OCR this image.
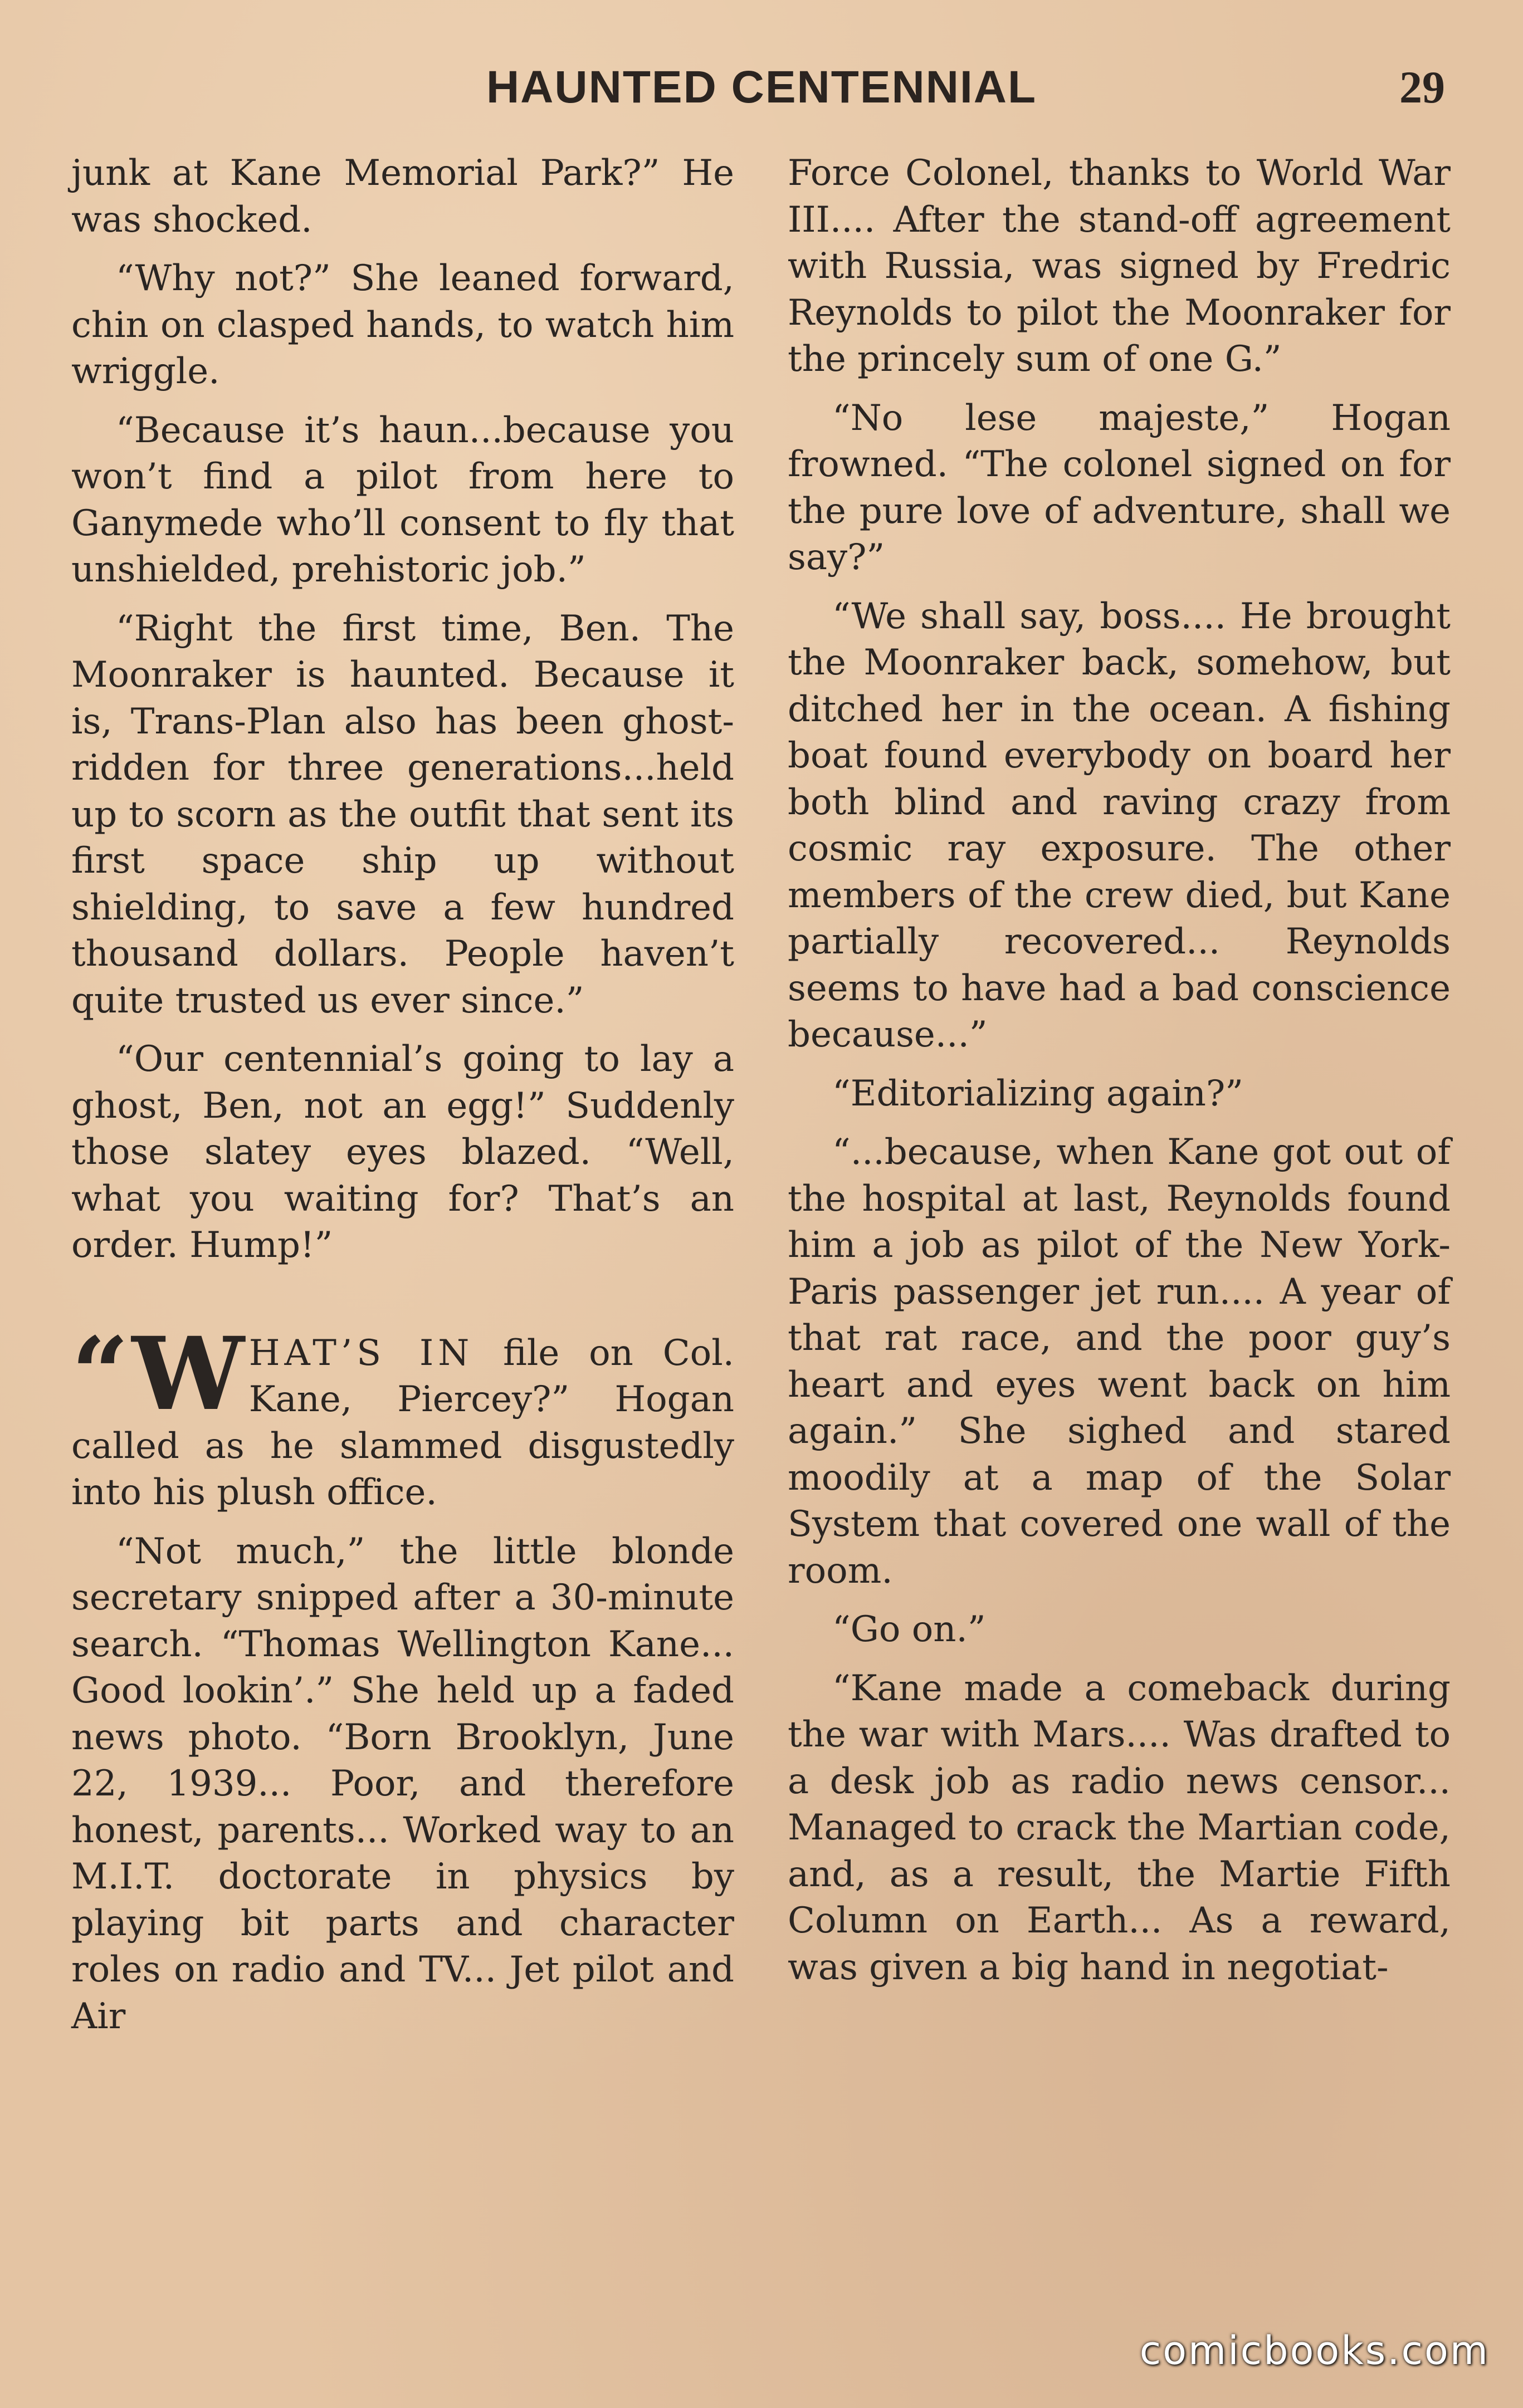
HAUNTED CENTENNIAL	29

junk at Kane Memorial Park?” He was shocked.

“Why not?” She leaned forward, chin on clasped hands, to watch him wriggle.

“Because it’s haun...because you won’t find a pilot from here to Ganymede who’ll consent to fly that unshielded, prehistoric job.”

“Right the first time, Ben. The Moonraker is haunted. Because it is, Trans-Plan also has been ghost-ridden for three generations...held up to scorn as the outfit that sent its first space ship up without shielding, to save a few hundred thousand dollars. People haven’t quite trusted us ever since.”

“Our centennial’s going to lay a ghost, Ben, not an egg!” Suddenly those slatey eyes blazed. “Well, what you waiting for? That’s an order. Hump!”

“WHAT’S IN file on Col. Kane, Piercey?” Hogan called as he slammed disgustedly into his plush office.

“Not much,” the little blonde secretary snipped after a 30-minute search. “Thomas Wellington Kane... Good lookin’.” She held up a faded news photo. “Born Brooklyn, June 22, 1939... Poor, and therefore honest, parents... Worked way to an M.I.T. doctorate in physics by playing bit parts and character roles on radio and TV... Jet pilot and Air

Force Colonel, thanks to World War III.... After the stand-off agreement with Russia, was signed by Fredric Reynolds to pilot the Moonraker for the princely sum of one G.”

“No lese majeste,” Hogan frowned. “The colonel signed on for the pure love of adventure, shall we say?”

“We shall say, boss.... He brought the Moonraker back, somehow, but ditched her in the ocean. A fishing boat found everybody on board her both blind and raving crazy from cosmic ray exposure. The other members of the crew died, but Kane partially recovered... Reynolds seems to have had a bad conscience because...”

“Editorializing again?”

“...because, when Kane got out of the hospital at last, Reynolds found him a job as pilot of the New York-Paris passenger jet run.... A year of that rat race, and the poor guy’s heart and eyes went back on him again.” She sighed and stared moodily at a map of the Solar System that covered one wall of the room.

“Go on.”

“Kane made a comeback during the war with Mars.... Was drafted to a desk job as radio news censor... Managed to crack the Martian code, and, as a result, the Martie Fifth Column on Earth... As a reward, was given a big hand in negotiat-

comicbooks.com
